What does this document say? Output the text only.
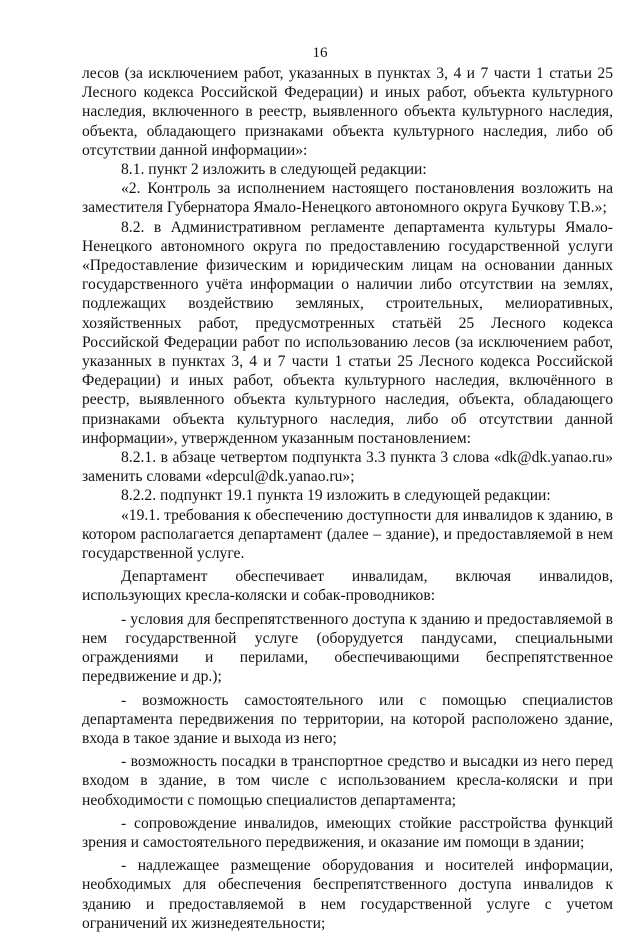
16

лесов (за исключением работ, указанных в пунктах 3, 4 и 7 части 1 статьи 25 Лесного кодекса Российской Федерации) и иных работ, объекта культурного наследия, включенного в реестр, выявленного объекта культурного наследия, объекта, обладающего признаками объекта культурного наследия, либо об отсутствии данной информации»:

8.1. пункт 2 изложить в следующей редакции:

«2. Контроль за исполнением настоящего постановления возложить на заместителя Губернатора Ямало-Ненецкого автономного округа Бучкову Т.В.»;

8.2. в Административном регламенте департамента культуры Ямало-Ненецкого автономного округа по предоставлению государственной услуги «Предоставление физическим и юридическим лицам на основании данных государственного учёта информации о наличии либо отсутствии на землях, подлежащих воздействию земляных, строительных, мелиоративных, хозяйственных работ, предусмотренных статьёй 25 Лесного кодекса Российской Федерации работ по использованию лесов (за исключением работ, указанных в пунктах 3, 4 и 7 части 1 статьи 25 Лесного кодекса Российской Федерации) и иных работ, объекта культурного наследия, включённого в реестр, выявленного объекта культурного наследия, объекта, обладающего признаками объекта культурного наследия, либо об отсутствии данной информации», утвержденном указанным постановлением:

8.2.1. в абзаце четвертом подпункта 3.3 пункта 3 слова «dk@dk.yanao.ru» заменить словами «depcul@dk.yanao.ru»;

8.2.2. подпункт 19.1 пункта 19 изложить в следующей редакции:

«19.1. требования к обеспечению доступности для инвалидов к зданию, в котором располагается департамент (далее – здание), и предоставляемой в нем государственной услуге.

Департамент обеспечивает инвалидам, включая инвалидов, использующих кресла-коляски и собак-проводников:

- условия для беспрепятственного доступа к зданию и предоставляемой в нем государственной услуге (оборудуется пандусами, специальными ограждениями и перилами, обеспечивающими беспрепятственное передвижение и др.);

- возможность самостоятельного или с помощью специалистов департамента передвижения по территории, на которой расположено здание, входа в такое здание и выхода из него;

- возможность посадки в транспортное средство и высадки из него перед входом в здание, в том числе с использованием кресла-коляски и при необходимости с помощью специалистов департамента;

- сопровождение инвалидов, имеющих стойкие расстройства функций зрения и самостоятельного передвижения, и оказание им помощи в здании;

- надлежащее размещение оборудования и носителей информации, необходимых для обеспечения беспрепятственного доступа инвалидов к зданию и предоставляемой в нем государственной услуге с учетом ограничений их жизнедеятельности;
